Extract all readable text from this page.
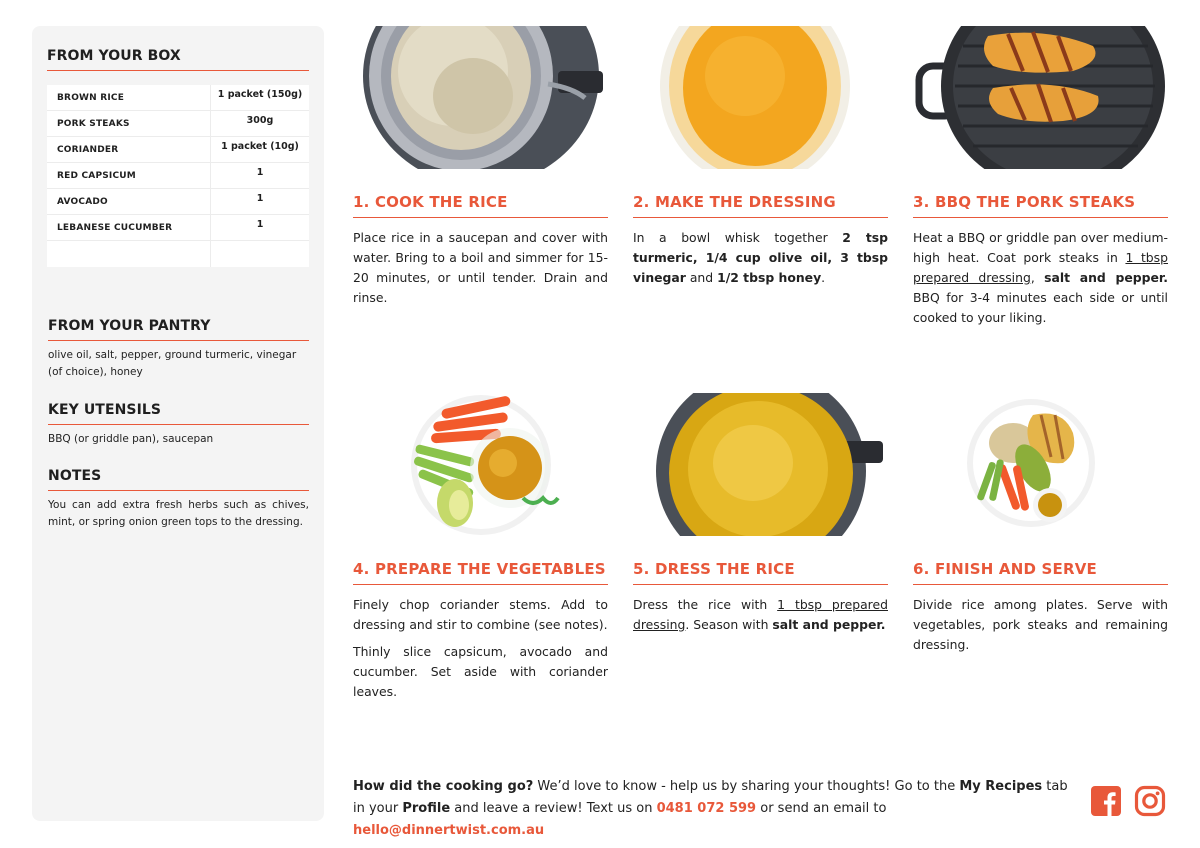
FROM YOUR BOX
BROWN RICE	1 packet (150g)
PORK STEAKS	300g
CORIANDER	1 packet (10g)
RED CAPSICUM	1
AVOCADO	1
LEBANESE CUCUMBER	1
FROM YOUR PANTRY
olive oil, salt, pepper, ground turmeric, vinegar (of choice), honey
KEY UTENSILS
BBQ (or griddle pan), saucepan
NOTES
You can add extra fresh herbs such as chives, mint, or spring onion green tops to the dressing.
1. COOK THE RICE

Place rice in a saucepan and cover with water. Bring to a boil and simmer for 15-20 minutes, or until tender. Drain and rinse.

2. MAKE THE DRESSING

In a bowl whisk together 2 tsp turmeric, 1/4 cup olive oil, 3 tbsp vinegar and 1/2 tbsp honey.

3. BBQ THE PORK STEAKS

Heat a BBQ or griddle pan over medium-high heat. Coat pork steaks in 1 tbsp prepared dressing, salt and pepper. BBQ for 3-4 minutes each side or until cooked to your liking.

4. PREPARE THE VEGETABLES

Finely chop coriander stems. Add to dressing and stir to combine (see notes).

Thinly slice capsicum, avocado and cucumber. Set aside with coriander leaves.

5. DRESS THE RICE

Dress the rice with 1 tbsp prepared dressing. Season with salt and pepper.

6. FINISH AND SERVE

Divide rice among plates. Serve with vegetables, pork steaks and remaining dressing.

How did the cooking go? We’d love to know - help us by sharing your thoughts! Go to the My Recipes tab in your Profile and leave a review! Text us on 0481 072 599 or send an email to hello@dinnertwist.com.au
